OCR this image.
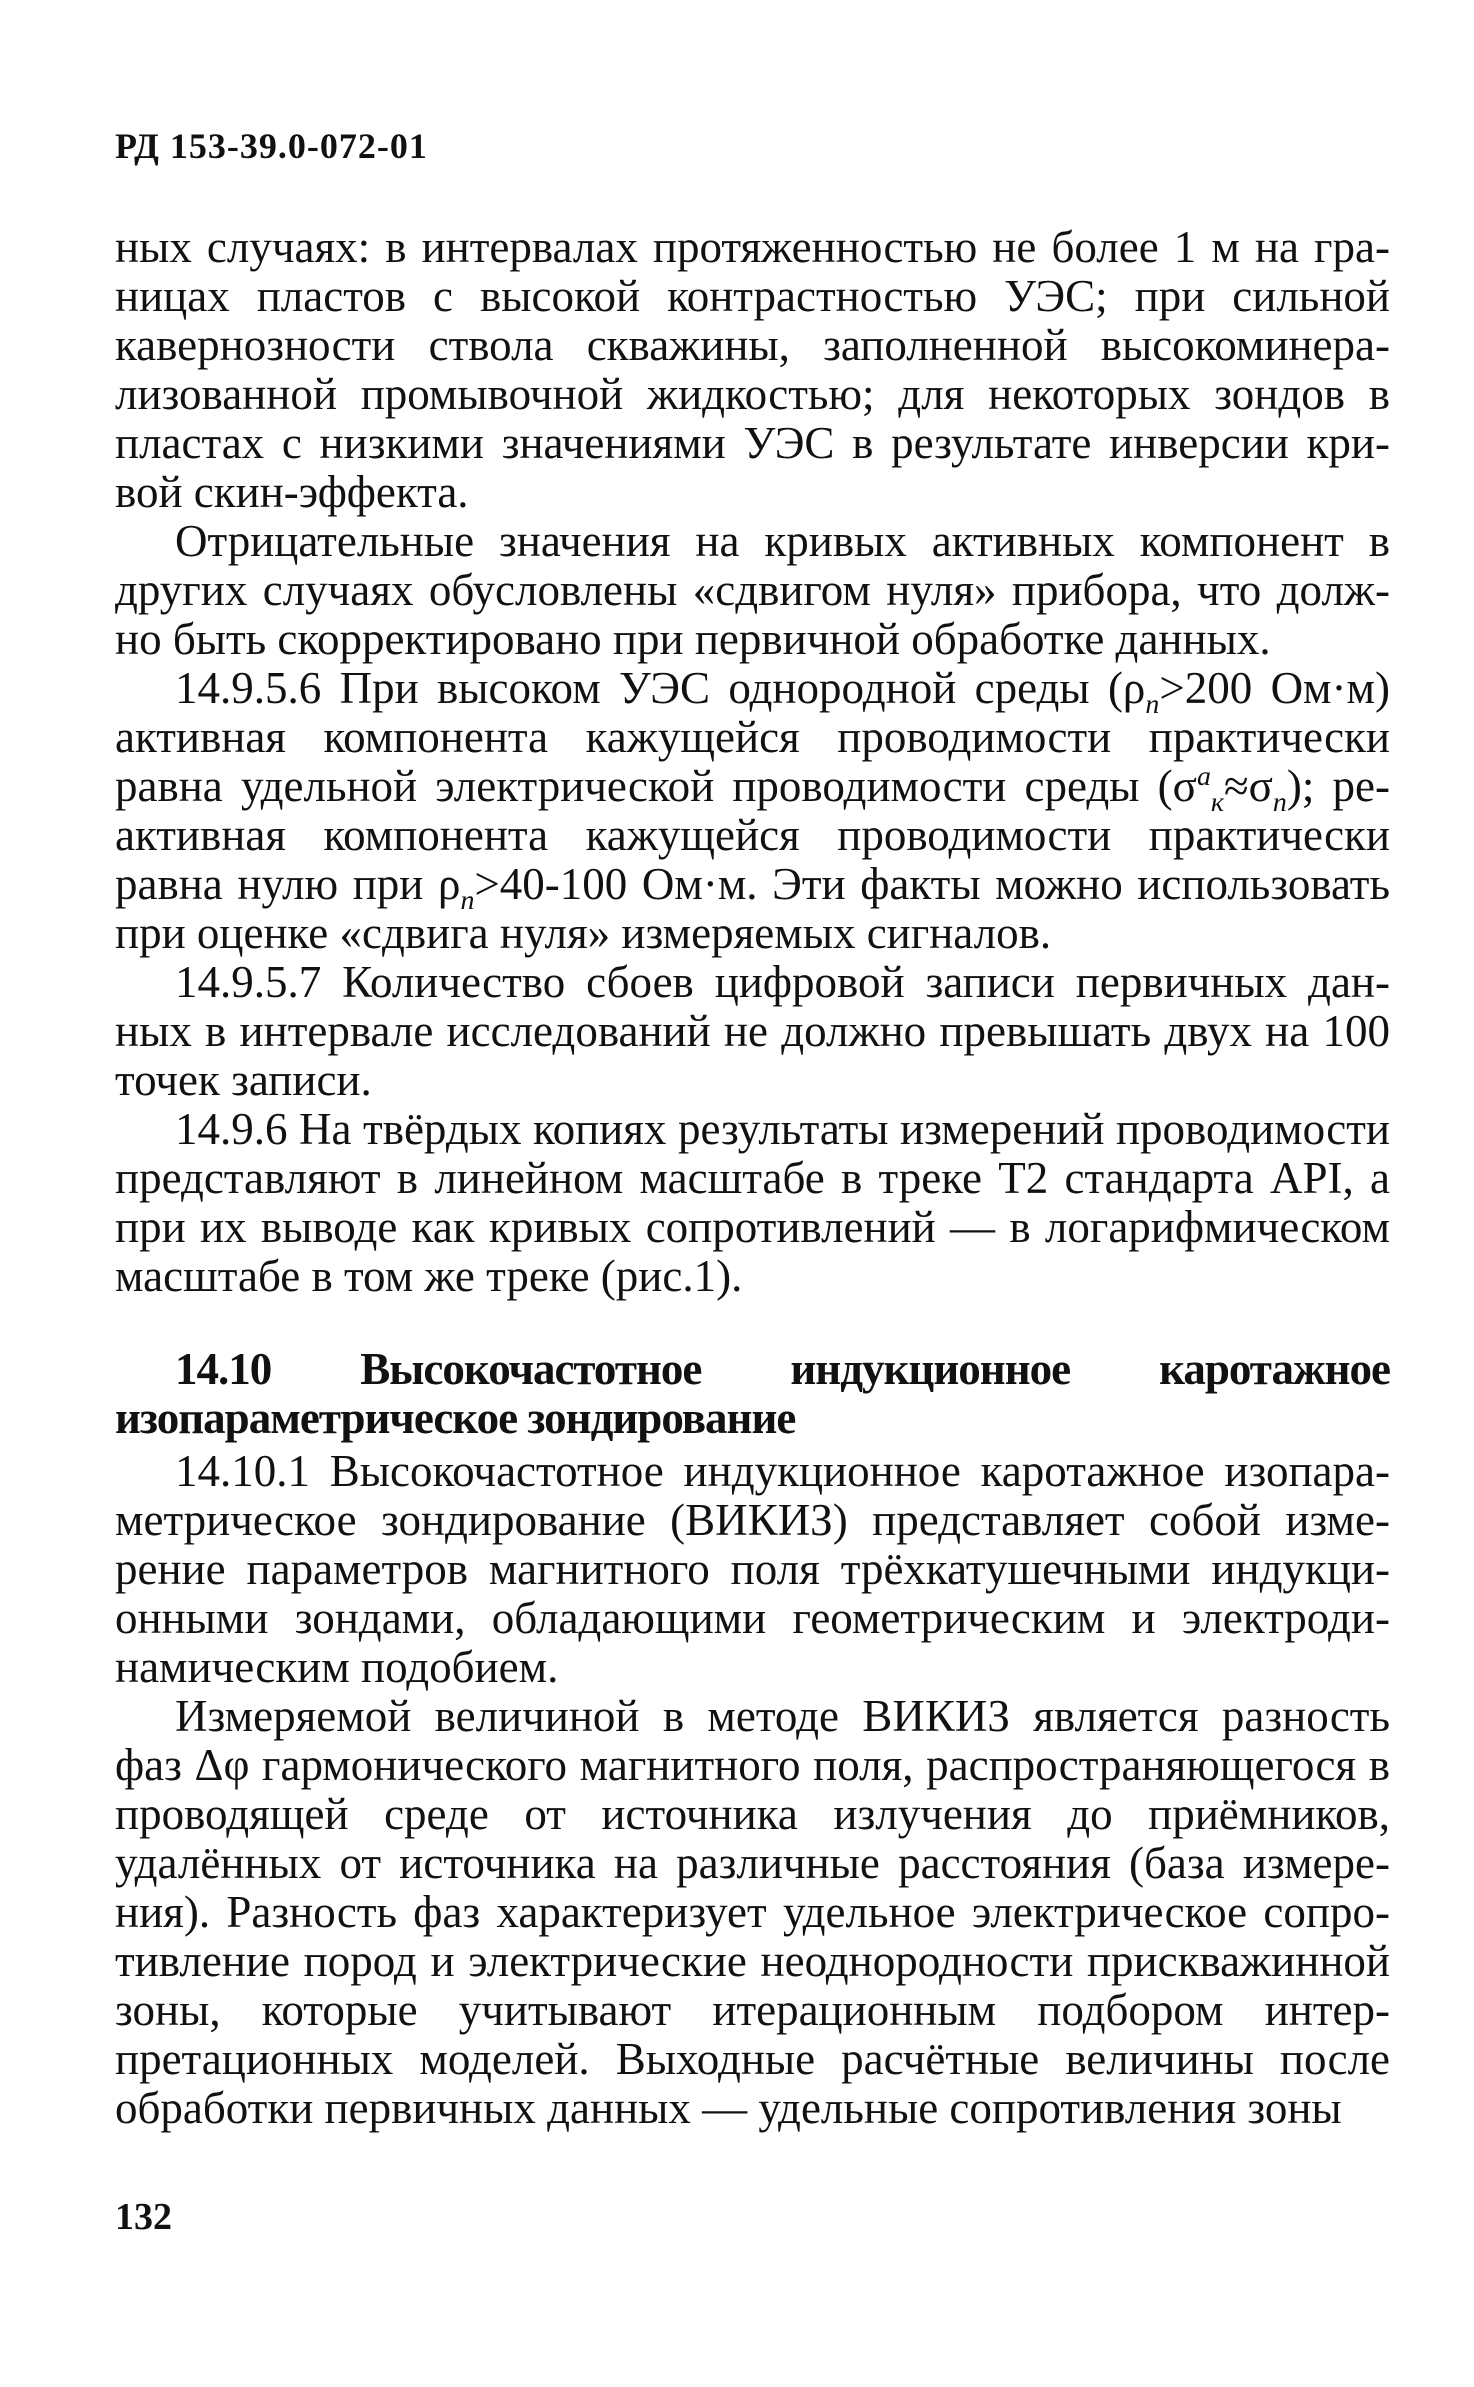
РД 153-39.0-072-01

ных случаях: в интервалах протяженностью не более 1 м на границах пластов с высокой контрастностью УЭС; при сильной кавернозности ствола скважины, заполненной высокоминерализованной промывочной жидкостью; для некоторых зондов в пластах с низкими значениями УЭС в результате инверсии кривой скин-эффекта.

Отрицательные значения на кривых активных компонент в других случаях обусловлены «сдвигом нуля» прибора, что должно быть скорректировано при первичной обработке данных.

14.9.5.6 При высоком УЭС однородной среды ($\rho_п>200$ Ом·м) активная компонента кажущейся проводимости практически равна удельной электрической проводимости среды $(\sigma^a_к\approx\sigma_п)$; реактивная компонента кажущейся проводимости практически равна нулю при $\rho_п>40-100$ Ом·м. Эти факты можно использовать при оценке «сдвига нуля» измеряемых сигналов.

14.9.5.7 Количество сбоев цифровой записи первичных данных в интервале исследований не должно превышать двух на 100 точек записи.

14.9.6 На твёрдых копиях результаты измерений проводимости представляют в линейном масштабе в треке Т2 стандарта API, а при их выводе как кривых сопротивлений — в логарифмическом масштабе в том же треке (рис.1).

14.10 Высокочастотное индукционное каротажное изопараметрическое зондирование

14.10.1 Высокочастотное индукционное каротажное изопараметрическое зондирование (ВИКИЗ) представляет собой измерение параметров магнитного поля трёхкатушечными индукционными зондами, обладающими геометрическим и электродинамическим подобием.

Измеряемой величиной в методе ВИКИЗ является разность фаз Δφ гармонического магнитного поля, распространяющегося в проводящей среде от источника излучения до приёмников, удалённых от источника на различные расстояния (база измерения). Разность фаз характеризует удельное электрическое сопротивление пород и электрические неоднородности прискважинной зоны, которые учитывают итерационным подбором интерпретационных моделей. Выходные расчётные величины после обработки первичных данных — удельные сопротивления зоны

132
